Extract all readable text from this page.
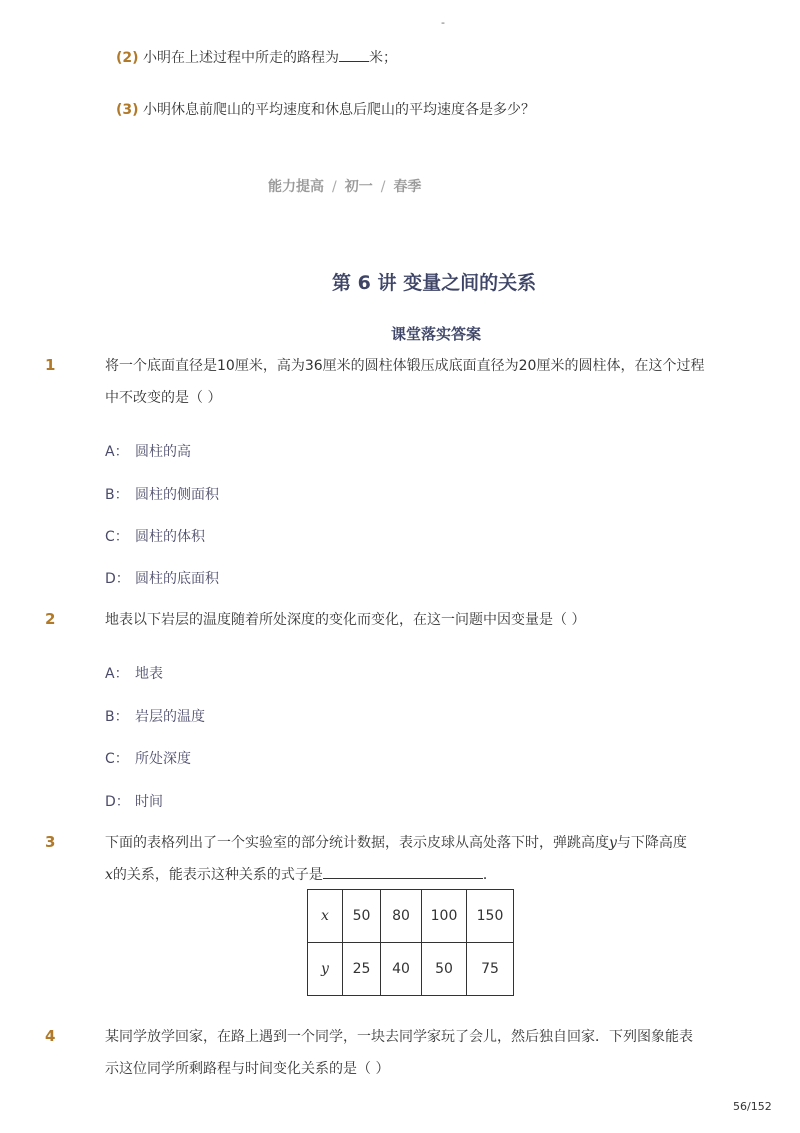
-
(2) 小明在上述过程中所走的路程为 米；
(3) 小明休息前爬山的平均速度和休息后爬山的平均速度各是多少？
能力提高 / 初一 / 春季
第 6 讲 变量之间的关系
课堂落实答案
1	将一个底面直径是10厘米，高为36厘米的圆柱体锻压成底面直径为20厘米的圆柱体，在这个过程
中不改变的是（ ）
A： 圆柱的高
B： 圆柱的侧面积
C： 圆柱的体积
D： 圆柱的底面积
2	地表以下岩层的温度随着所处深度的变化而变化，在这一问题中因变量是（ ）
A： 地表
B： 岩层的温度
C： 所处深度
D： 时间
3	下面的表格列出了一个实验室的部分统计数据，表示皮球从高处落下时，弹跳高度y与下降高度
x的关系，能表示这种关系的式子是	．
x	50	80	100	150
y	25	40	50	75
4	某同学放学回家，在路上遇到一个同学，一块去同学家玩了会儿，然后独自回家．下列图象能表
示这位同学所剩路程与时间变化关系的是（ ）
56/152
